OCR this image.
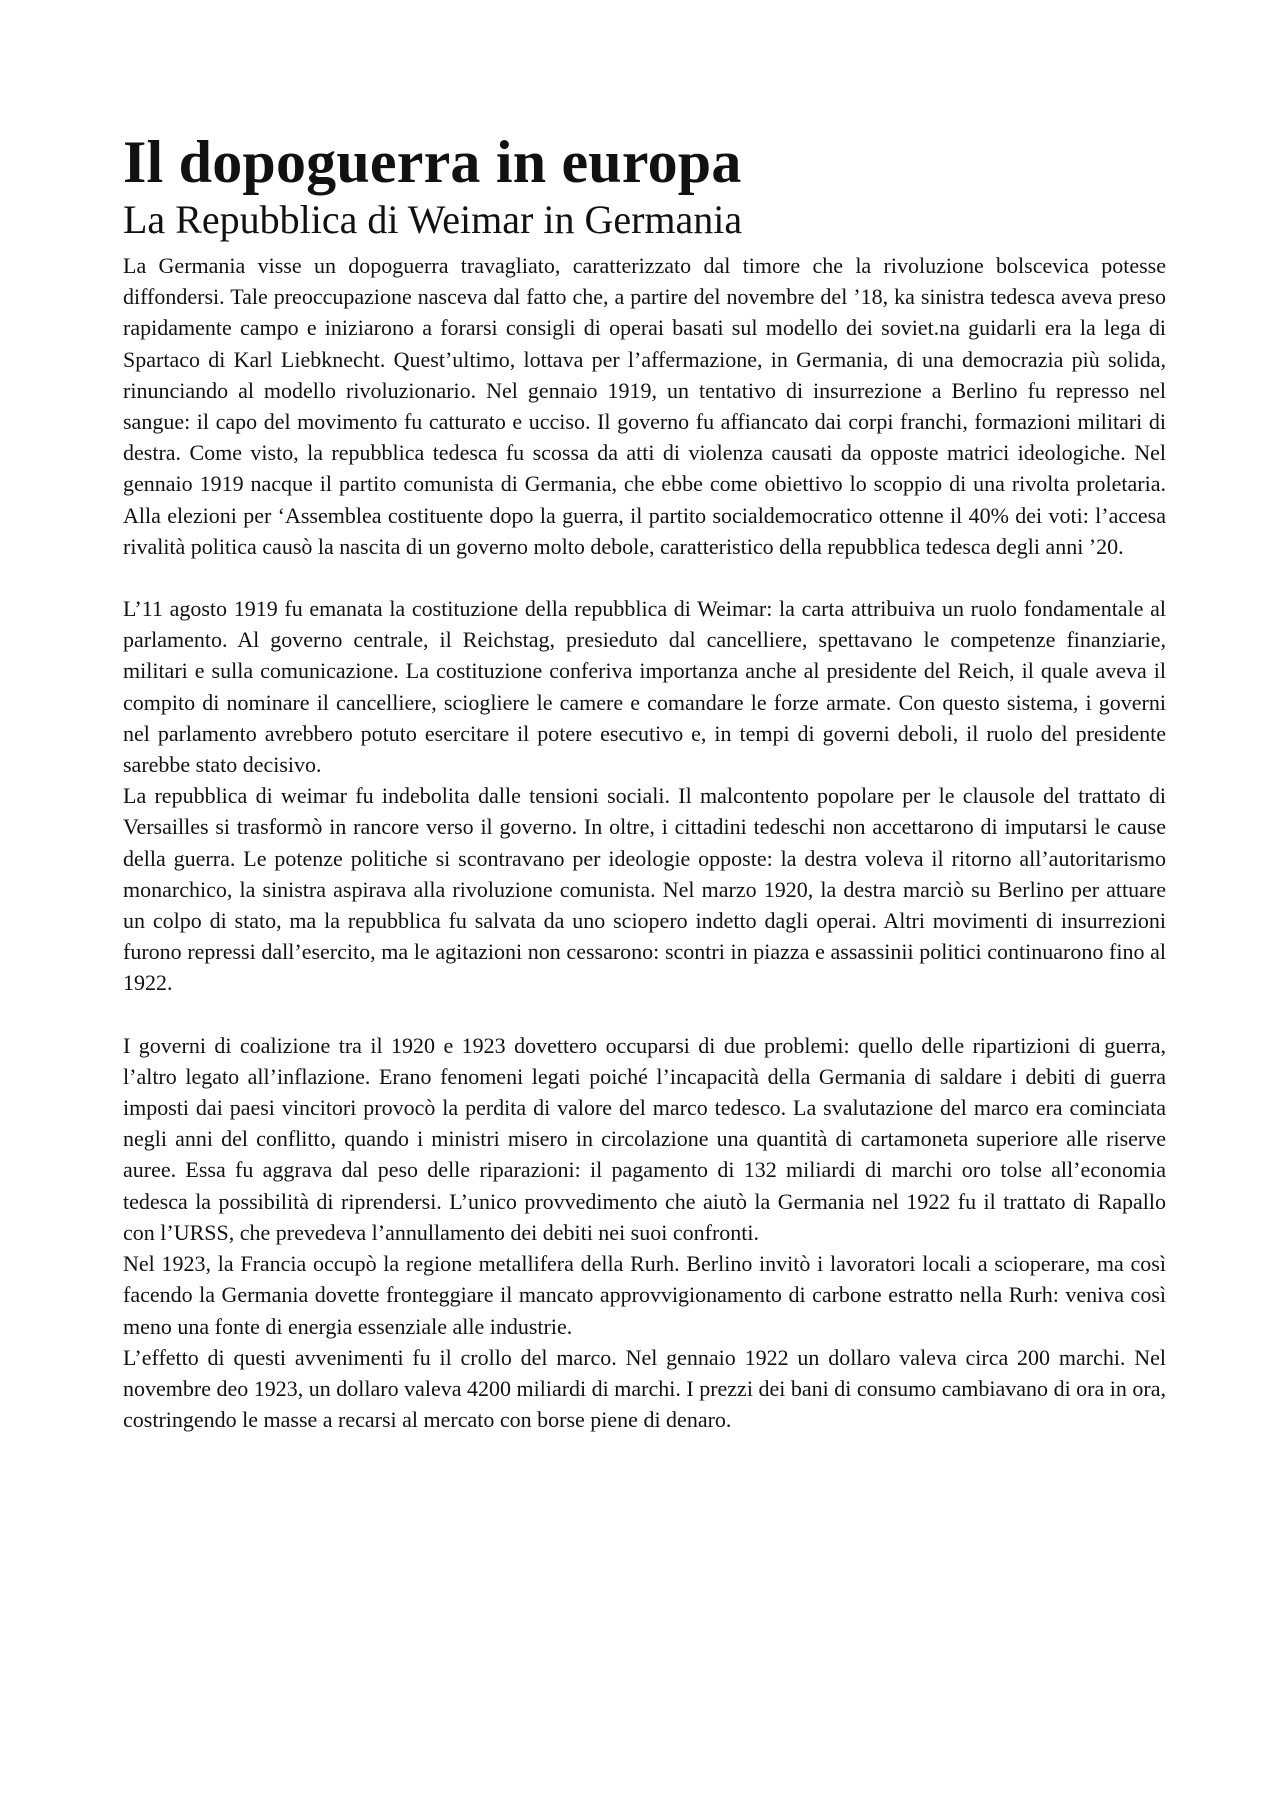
Il dopoguerra in europa
La Repubblica di Weimar in Germania

La Germania visse un dopoguerra travagliato, caratterizzato dal timore che la rivoluzione bolscevica potesse diffondersi. Tale preoccupazione nasceva dal fatto che, a partire del novembre del ’18, ka sinistra tedesca aveva preso rapidamente campo e iniziarono a forarsi consigli di operai basati sul modello dei soviet.na guidarli era la lega di Spartaco di Karl Liebknecht. Quest’ultimo, lottava per l’affermazione, in Germania, di una democrazia più solida, rinunciando al modello rivoluzionario. Nel gennaio 1919, un tentativo di insurrezione a Berlino fu represso nel sangue: il capo del movimento fu catturato e ucciso. Il governo fu affiancato dai corpi franchi, formazioni militari di destra. Come visto, la repubblica tedesca fu scossa da atti di violenza causati da opposte matrici ideologiche. Nel gennaio 1919 nacque il partito comunista di Germania, che ebbe come obiettivo lo scoppio di una rivolta proletaria. Alla elezioni per ‘Assemblea costituente dopo la guerra, il partito socialdemocratico ottenne il 40% dei voti: l’accesa rivalità politica causò la nascita di un governo molto debole, caratteristico della repubblica tedesca degli anni ’20.

L’11 agosto 1919 fu emanata la costituzione della repubblica di Weimar: la carta attribuiva un ruolo fondamentale al parlamento. Al governo centrale, il Reichstag, presieduto dal cancelliere, spettavano le competenze finanziarie, militari e sulla comunicazione. La costituzione conferiva importanza anche al presidente del Reich, il quale aveva il compito di nominare il cancelliere, sciogliere le camere e comandare le forze armate. Con questo sistema, i governi nel parlamento avrebbero potuto esercitare il potere esecutivo e, in tempi di governi deboli, il ruolo del presidente sarebbe stato decisivo.

La repubblica di weimar fu indebolita dalle tensioni sociali. Il malcontento popolare per le clausole del trattato di Versailles si trasformò in rancore verso il governo. In oltre, i cittadini tedeschi non accettarono di imputarsi le cause della guerra. Le potenze politiche si scontravano per ideologie opposte: la destra voleva il ritorno all’autoritarismo monarchico, la sinistra aspirava alla rivoluzione comunista. Nel marzo 1920, la destra marciò su Berlino per attuare un colpo di stato, ma la repubblica fu salvata da uno sciopero indetto dagli operai. Altri movimenti di insurrezioni furono repressi dall’esercito, ma le agitazioni non cessarono: scontri in piazza e assassinii politici continuarono fino al 1922.

I governi di coalizione tra il 1920 e 1923 dovettero occuparsi di due problemi: quello delle ripartizioni di guerra, l’altro legato all’inflazione. Erano fenomeni legati poiché l’incapacità della Germania di saldare i debiti di guerra imposti dai paesi vincitori provocò la perdita di valore del marco tedesco. La svalutazione del marco era cominciata negli anni del conflitto, quando i ministri misero in circolazione una quantità di cartamoneta superiore alle riserve auree. Essa fu aggrava dal peso delle riparazioni: il pagamento di 132 miliardi di marchi oro tolse all’economia tedesca la possibilità di riprendersi. L’unico provvedimento che aiutò la Germania nel 1922 fu il trattato di Rapallo con l’URSS, che prevedeva l’annullamento dei debiti nei suoi confronti.

Nel 1923, la Francia occupò la regione metallifera della Rurh. Berlino invitò i lavoratori locali a scioperare, ma così facendo la Germania dovette fronteggiare il mancato approvvigionamento di carbone estratto nella Rurh: veniva così meno una fonte di energia essenziale alle industrie.

L’effetto di questi avvenimenti fu il crollo del marco. Nel gennaio 1922 un dollaro valeva circa 200 marchi. Nel novembre deo 1923, un dollaro valeva 4200 miliardi di marchi. I prezzi dei bani di consumo cambiavano di ora in ora, costringendo le masse a recarsi al mercato con borse piene di denaro.
